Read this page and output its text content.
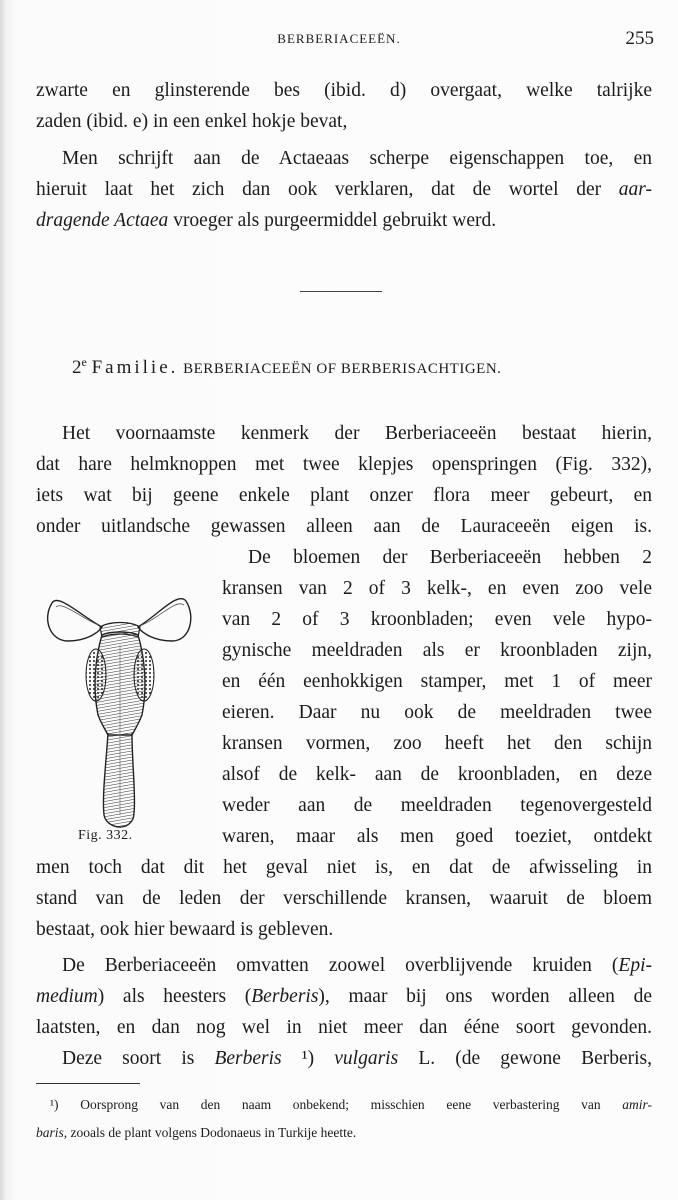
BERBERIACEEËN.	255
zwarte en glinsterende bes (ibid. d) overgaat, welke talrijke
zaden (ibid. e) in een enkel hokje bevat,
Men schrijft aan de Actaeaas scherpe eigenschappen toe, en
hieruit laat het zich dan ook verklaren, dat de wortel der aar-
dragende Actaea vroeger als purgeermiddel gebruikt werd.
2e Familie. BERBERIACEEËN OF BERBERISACHTIGEN.
Het voornaamste kenmerk der Berberiaceeën bestaat hierin,
dat hare helmknoppen met twee klepjes openspringen (Fig. 332),
iets wat bij geene enkele plant onzer flora meer gebeurt, en
onder uitlandsche gewassen alleen aan de Lauraceeën eigen is.
Fig. 332.
De bloemen der Berberiaceeën hebben 2
kransen van 2 of 3 kelk-, en even zoo vele
van 2 of 3 kroonbladen; even vele hypo-
gynische meeldraden als er kroonbladen zijn,
en één eenhokkigen stamper, met 1 of meer
eieren. Daar nu ook de meeldraden twee
kransen vormen, zoo heeft het den schijn
alsof de kelk- aan de kroonbladen, en deze
weder aan de meeldraden tegenovergesteld
waren, maar als men goed toeziet, ontdekt
men toch dat dit het geval niet is, en dat de afwisseling in
stand van de leden der verschillende kransen, waaruit de bloem
bestaat, ook hier bewaard is gebleven.
De Berberiaceeën omvatten zoowel overblijvende kruiden (Epi-
medium) als heesters (Berberis), maar bij ons worden alleen de
laatsten, en dan nog wel in niet meer dan ééne soort gevonden.
Deze soort is Berberis ¹) vulgaris L. (de gewone Berberis,
¹) Oorsprong van den naam onbekend; misschien eene verbastering van amir-
baris, zooals de plant volgens Dodonaeus in Turkije heette.
